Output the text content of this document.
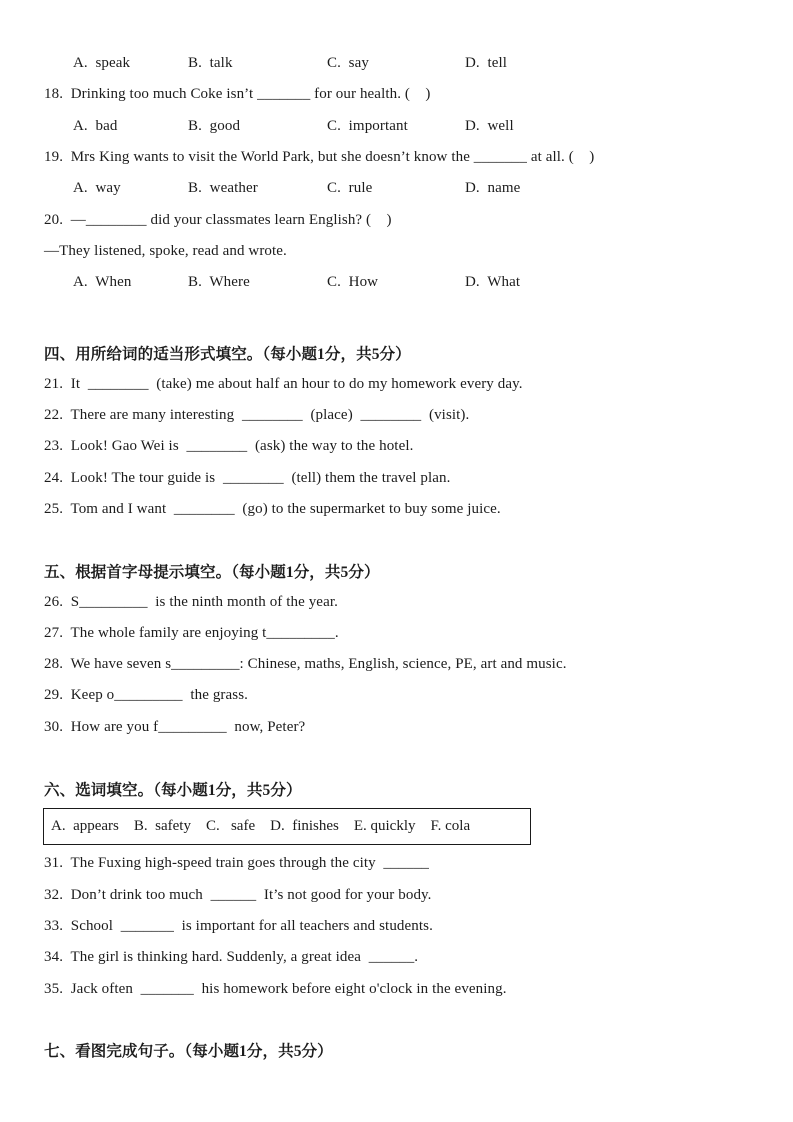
A.  speak	B.  talk	C.  say	D.  tell
18.  Drinking too much Coke isn’t _______ for our health. (    )
A.  bad	B.  good	C.  important	D.  well
19.  Mrs King wants to visit the World Park, but she doesn’t know the _______ at all. (    )
A.  way	B.  weather	C.  rule	D.  name
20.  —________ did your classmates learn English? (    )
—They listened, spoke, read and wrote.
A.  When	B.  Where	C.  How	D.  What
四、用所给词的适当形式填空。（每小题1分，共5分）
21.  It  ________  (take) me about half an hour to do my homework every day.
22.  There are many interesting  ________  (place)  ________  (visit).
23.  Look! Gao Wei is  ________  (ask) the way to the hotel.
24.  Look! The tour guide is  ________  (tell) them the travel plan.
25.  Tom and I want  ________  (go) to the supermarket to buy some juice.
五、根据首字母提示填空。（每小题1分，共5分）
26.  S_________  is the ninth month of the year.
27.  The whole family are enjoying t_________.
28.  We have seven s_________: Chinese, maths, English, science, PE, art and music.
29.  Keep o_________  the grass.
30.  How are you f_________  now, Peter?
六、选词填空。（每小题1分，共5分）
A.  appears    B.  safety    C.   safe    D.  finishes    E. quickly    F. cola
31.  The Fuxing high-speed train goes through the city  ______
32.  Don’t drink too much  ______  It’s not good for your body.
33.  School  _______  is important for all teachers and students.
34.  The girl is thinking hard. Suddenly, a great idea  ______.
35.  Jack often  _______  his homework before eight o'clock in the evening.
七、看图完成句子。（每小题1分，共5分）
